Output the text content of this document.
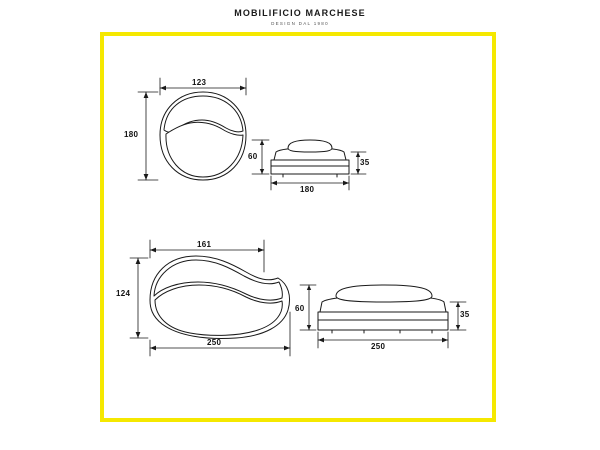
MOBILIFICIO MARCHESE
DESIGN DAL 1980
123
180
60
35
180
161
124
250
60
35
250
